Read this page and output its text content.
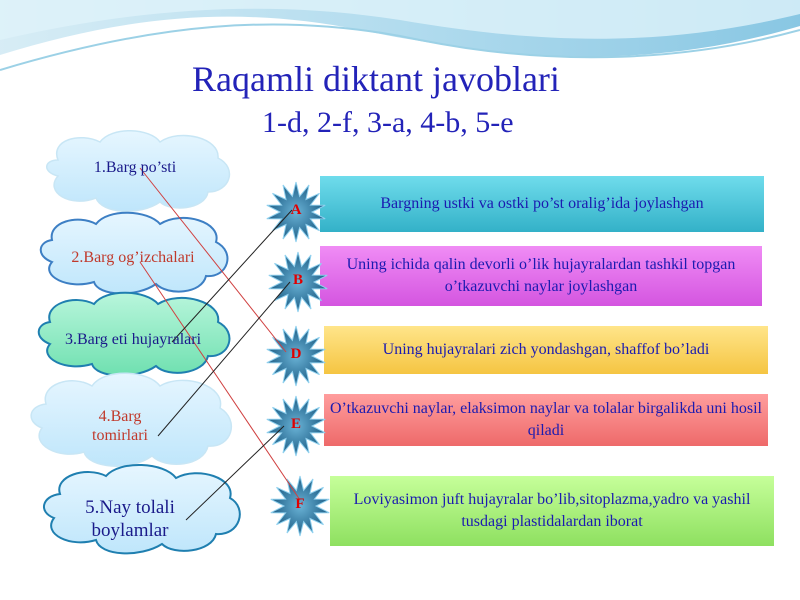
Raqamli diktant javoblari
1-d, 2-f, 3-a, 4-b, 5-e
1.Barg po’sti
2.Barg og’izchalari
3.Barg eti hujayralari
4.Barg tomirlari
5.Nay tolali boylamlar
Bargning ustki va ostki po’st oralig’ida joylashgan
Uning ichida qalin devorli o’lik hujayralardan tashkil topgan o’tkazuvchi naylar joylashgan
Uning hujayralari zich yondashgan, shaffof bo’ladi
O’tkazuvchi naylar, elaksimon naylar va tolalar birgalikda uni hosil qiladi
Loviyasimon juft hujayralar bo’lib,sitoplazma,yadro va yashil tusdagi plastidalardan iborat
A
B
D
E
F
